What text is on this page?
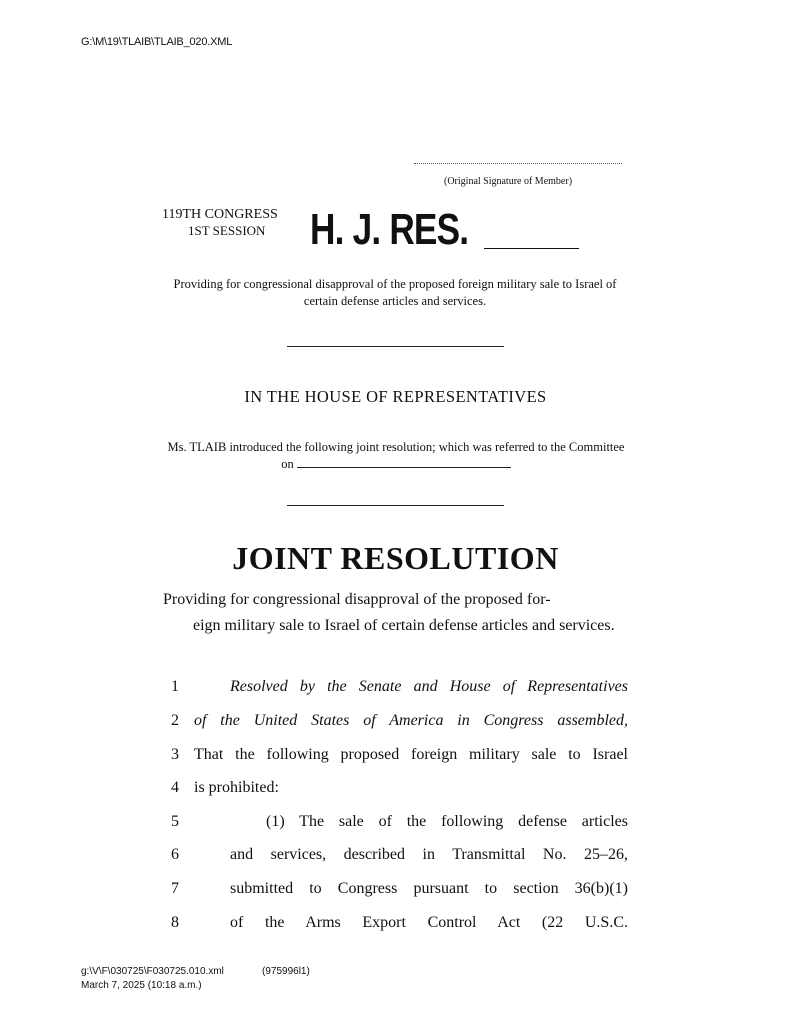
G:\M\19\TLAIB\TLAIB_020.XML
(Original Signature of Member)
119TH CONGRESS
1ST SESSION H. J. RES.
Providing for congressional disapproval of the proposed foreign military sale to Israel of certain defense articles and services.
IN THE HOUSE OF REPRESENTATIVES
Ms. TLAIB introduced the following joint resolution; which was referred to the Committee on
JOINT RESOLUTION
Providing for congressional disapproval of the proposed for-
eign military sale to Israel of certain defense articles and services.
1	Resolved by the Senate and House of Representatives
2 of the United States of America in Congress assembled,
3 That the following proposed foreign military sale to Israel
4 is prohibited:
5	(1) The sale of the following defense articles
6	and services, described in Transmittal No. 25–26,
7	submitted to Congress pursuant to section 36(b)(1)
8	of the Arms Export Control Act (22 U.S.C.
g:\V\F\030725\F030725.010.xml	(975996l1)
March 7, 2025 (10:18 a.m.)
